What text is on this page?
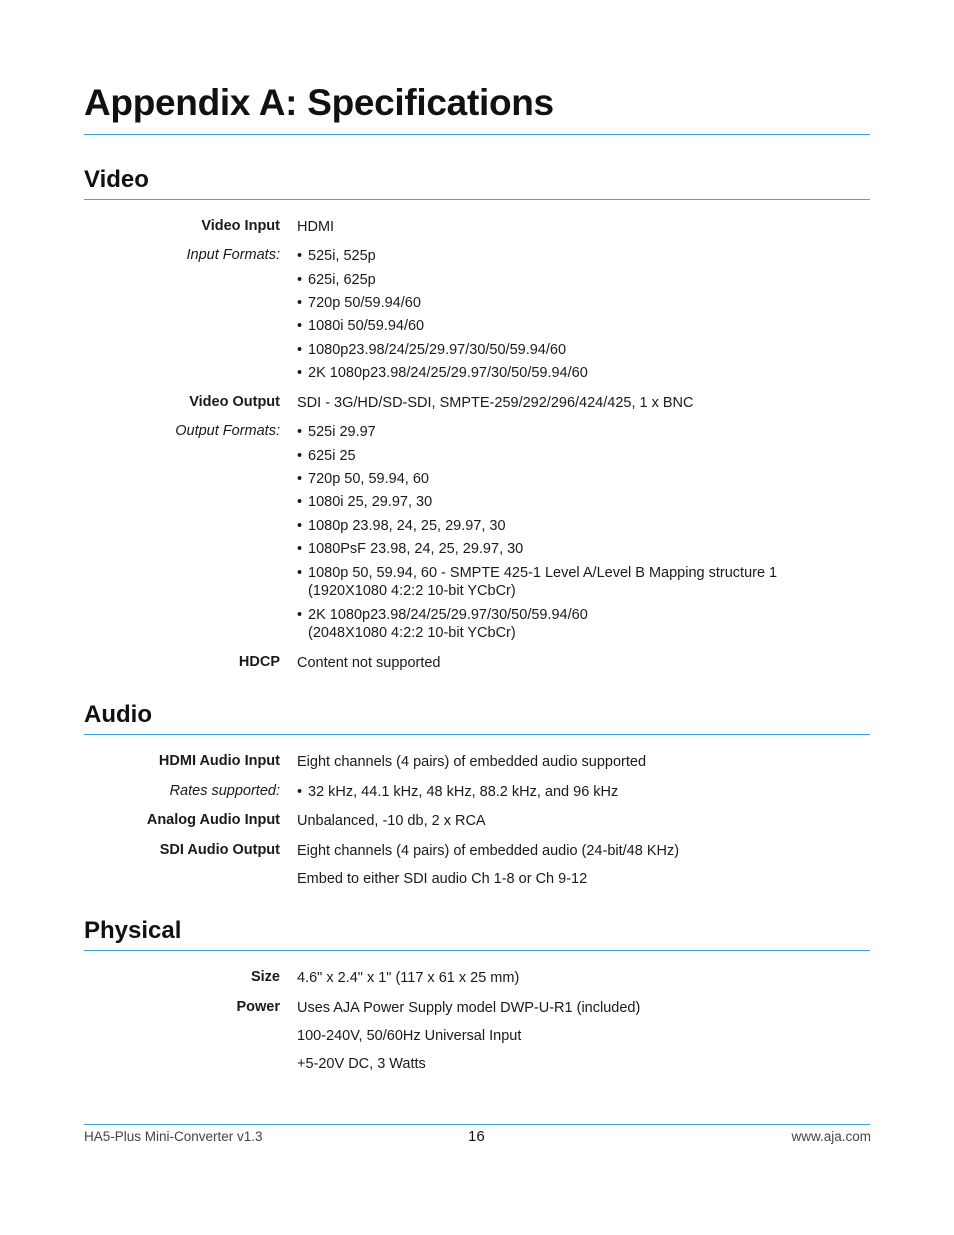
Appendix A: Specifications
Video
Video Input HDMI
Input Formats: • 525i, 525p
• 625i, 625p
• 720p 50/59.94/60
• 1080i 50/59.94/60
• 1080p23.98/24/25/29.97/30/50/59.94/60
• 2K 1080p23.98/24/25/29.97/30/50/59.94/60
Video Output SDI - 3G/HD/SD-SDI, SMPTE-259/292/296/424/425, 1 x BNC
Output Formats: • 525i 29.97
• 625i 25
• 720p 50, 59.94, 60
• 1080i 25, 29.97, 30
• 1080p 23.98, 24, 25, 29.97, 30
• 1080PsF 23.98, 24, 25, 29.97, 30
• 1080p 50, 59.94, 60 - SMPTE 425-1 Level A/Level B Mapping structure 1
(1920X1080 4:2:2 10-bit YCbCr)
• 2K 1080p23.98/24/25/29.97/30/50/59.94/60
(2048X1080 4:2:2 10-bit YCbCr)
HDCP Content not supported
Audio
HDMI Audio Input Eight channels (4 pairs) of embedded audio supported
Rates supported: • 32 kHz, 44.1 kHz, 48 kHz, 88.2 kHz, and 96 kHz
Analog Audio Input Unbalanced, -10 db, 2 x RCA
SDI Audio Output Eight channels (4 pairs) of embedded audio (24-bit/48 KHz)
Embed to either SDI audio Ch 1-8 or Ch 9-12
Physical
Size 4.6" x 2.4" x 1" (117 x 61 x 25 mm)
Power Uses AJA Power Supply model DWP-U-R1 (included)
100-240V, 50/60Hz Universal Input
+5-20V DC, 3 Watts
HA5-Plus Mini-Converter v1.3	16	www.aja.com
